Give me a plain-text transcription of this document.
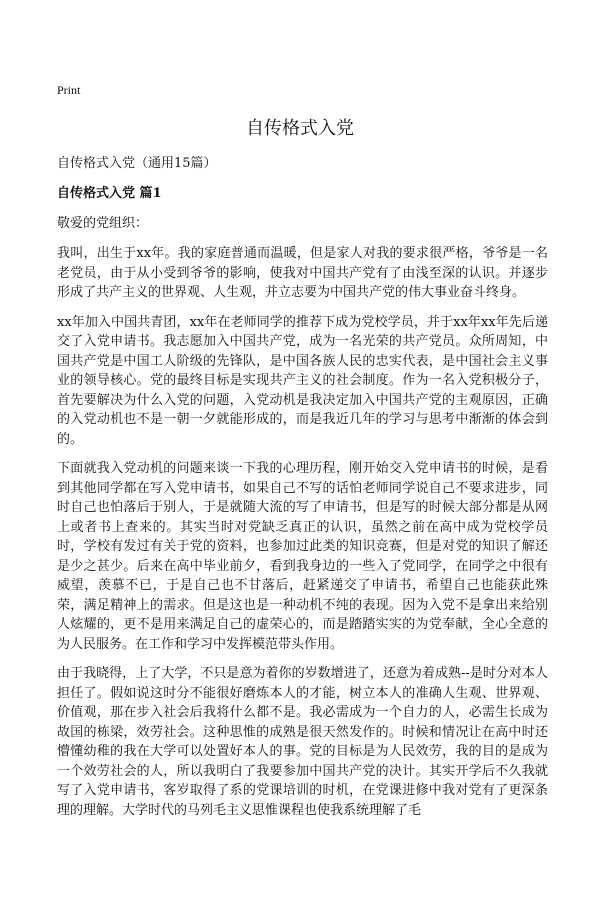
Print
自传格式入党

自传格式入党（通用15篇）

自传格式入党 篇1

敬爱的党组织：

我叫，出生于xx年。我的家庭普通而温暖，但是家人对我的要求很严格，爷爷是一名老党员，由于从小受到爷爷的影响，使我对中国共产党有了由浅至深的认识。并逐步形成了共产主义的世界观、人生观，并立志要为中国共产党的伟大事业奋斗终身。

xx年加入中国共青团，xx年在老师同学的推荐下成为党校学员，并于xx年xx年先后递交了入党申请书。我志愿加入中国共产党，成为一名光荣的共产党员。众所周知，中国共产党是中国工人阶级的先锋队，是中国各族人民的忠实代表，是中国社会主义事业的领导核心。党的最终目标是实现共产主义的社会制度。作为一名入党积极分子，首先要解决为什么入党的问题，入党动机是我决定加入中国共产党的主观原因，正确的入党动机也不是一朝一夕就能形成的，而是我近几年的学习与思考中渐渐的体会到的。

下面就我入党动机的问题来谈一下我的心理历程，刚开始交入党申请书的时候，是看到其他同学都在写入党申请书，如果自己不写的话怕老师同学说自己不要求进步，同时自己也怕落后于别人，于是就随大流的写了申请书，但是写的时候大部分都是从网上或者书上查来的。其实当时对党缺乏真正的认识，虽然之前在高中成为党校学员时，学校有发过有关于党的资料，也参加过此类的知识竞赛，但是对党的知识了解还是少之甚少。后来在高中毕业前夕，看到我身边的一些入了党同学，在同学之中很有威望，羡慕不已，于是自己也不甘落后，赶紧递交了申请书，希望自己也能获此殊荣，满足精神上的需求。但是这也是一种动机不纯的表现。因为入党不是拿出来给别人炫耀的，更不是用来满足自己的虚荣心的，而是踏踏实实的为党奉献，全心全意的为人民服务。在工作和学习中发挥模范带头作用。

由于我晓得，上了大学，不只是意为着你的岁数增进了，还意为着成熟--是时分对本人担任了。假如说这时分不能很好磨炼本人的才能，树立本人的准确人生观、世界观、价值观，那在步入社会后我将什么都不是。我必需成为一个自力的人，必需生长成为故国的栋梁，效劳社会。这种思惟的成熟是很天然发作的。时候和情况让在高中时还懵懂幼稚的我在大学可以处置好本人的事。党的目标是为人民效劳，我的目的是成为一个效劳社会的人，所以我明白了我要参加中国共产党的决计。其实开学后不久我就写了入党申请书，客岁取得了系的党课培训的时机，在党课进修中我对党有了更深条理的理解。大学时代的马列毛主义思惟课程也使我系统理解了毛
